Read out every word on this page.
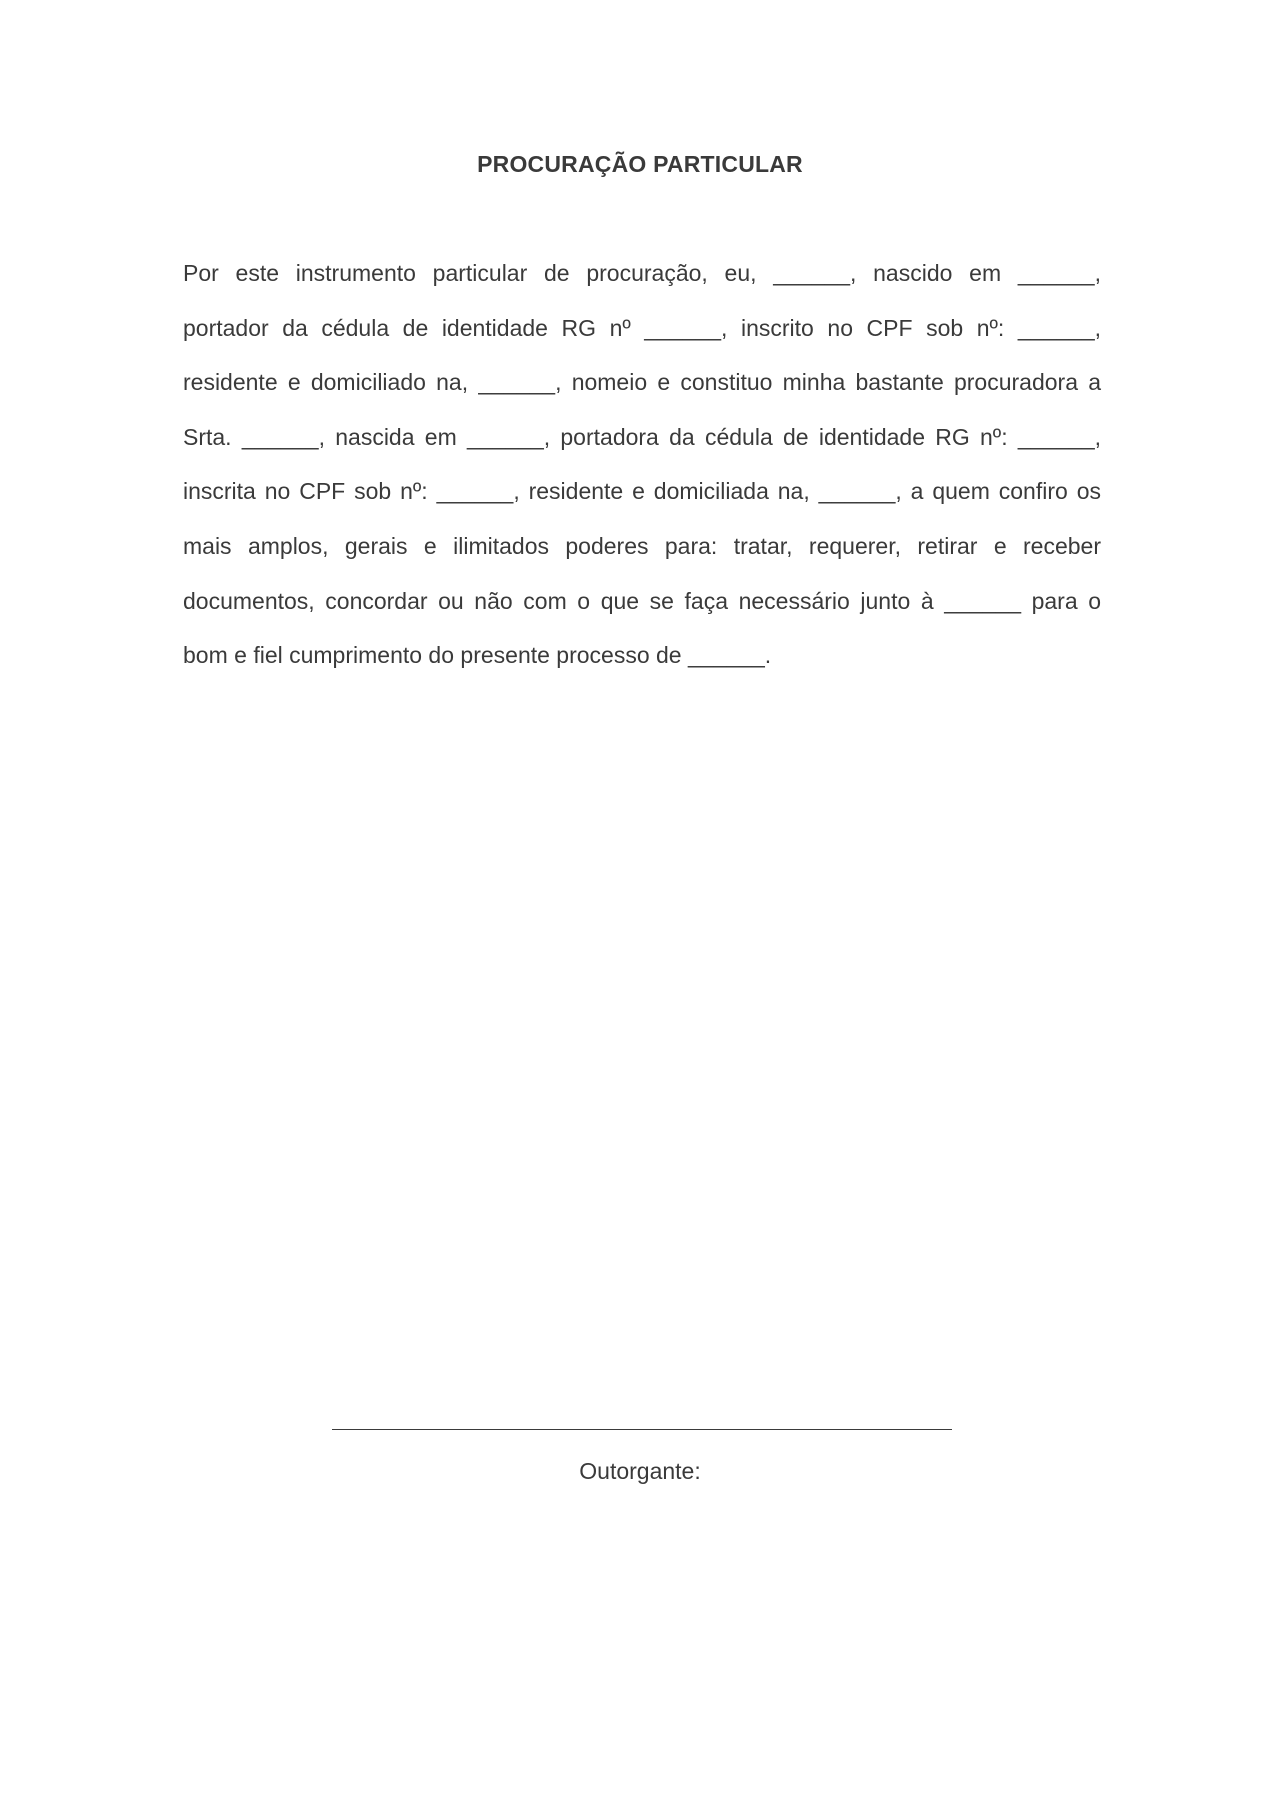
PROCURAÇÃO PARTICULAR
Por este instrumento particular de procuração, eu, ______, nascido em ______,
portador da cédula de identidade RG nº ______, inscrito no CPF sob nº: ______,
residente e domiciliado na, ______, nomeio e constituo minha bastante procuradora a
Srta. ______, nascida em ______, portadora da cédula de identidade RG nº: ______,
inscrita no CPF sob nº: ______, residente e domiciliada na, ______, a quem confiro os
mais amplos, gerais e ilimitados poderes para: tratar, requerer, retirar e receber
documentos, concordar ou não com o que se faça necessário junto à ______ para o
bom e fiel cumprimento do presente processo de ______.
Outorgante:
